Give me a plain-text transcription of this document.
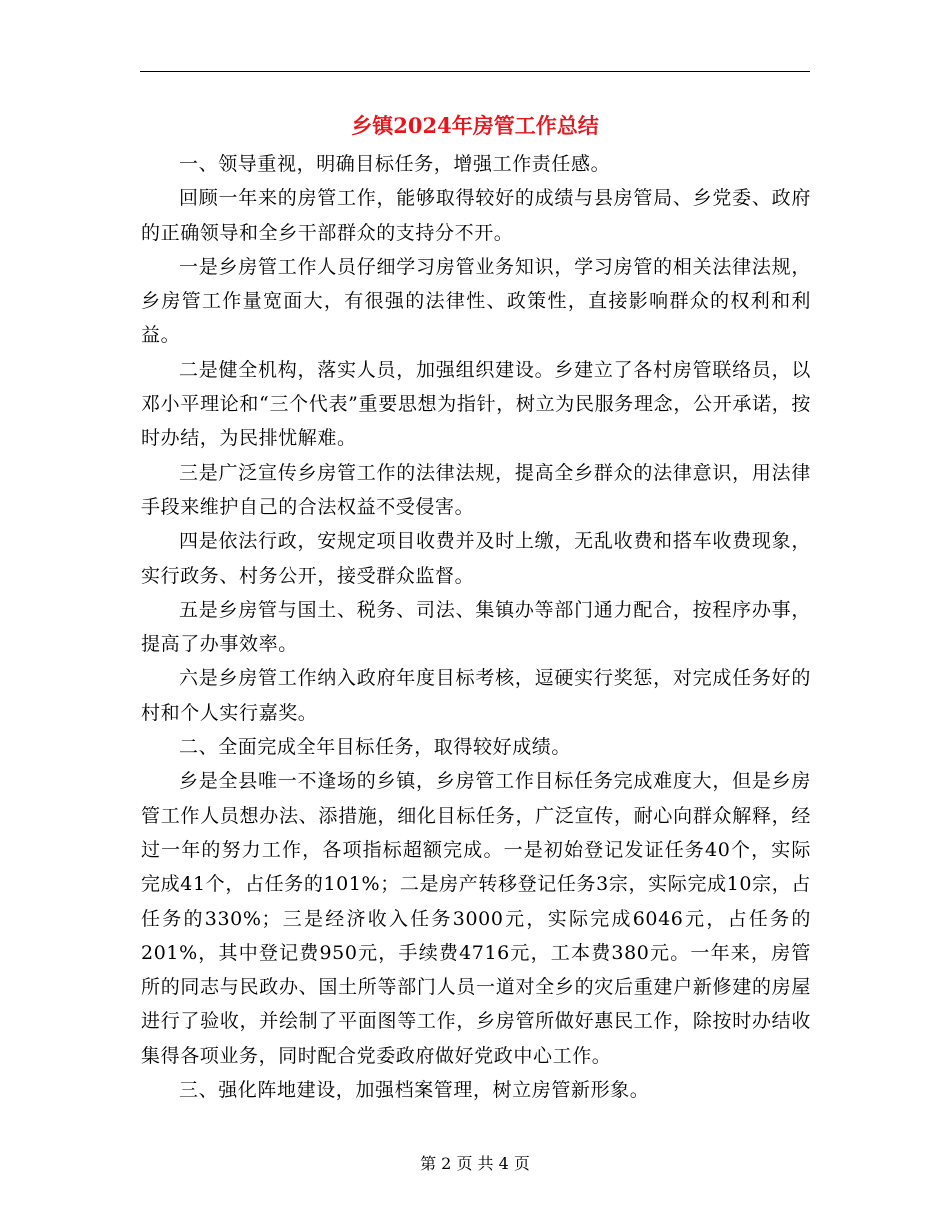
乡镇2024年房管工作总结

一、领导重视，明确目标任务，增强工作责任感。

回顾一年来的房管工作，能够取得较好的成绩与县房管局、乡党委、政府的正确领导和全乡干部群众的支持分不开。

一是乡房管工作人员仔细学习房管业务知识，学习房管的相关法律法规，乡房管工作量宽面大，有很强的法律性、政策性，直接影响群众的权利和利益。

二是健全机构，落实人员，加强组织建设。乡建立了各村房管联络员，以邓小平理论和“三个代表”重要思想为指针，树立为民服务理念，公开承诺，按时办结，为民排忧解难。

三是广泛宣传乡房管工作的法律法规，提高全乡群众的法律意识，用法律手段来维护自己的合法权益不受侵害。

四是依法行政，安规定项目收费并及时上缴，无乱收费和搭车收费现象，实行政务、村务公开，接受群众监督。

五是乡房管与国土、税务、司法、集镇办等部门通力配合，按程序办事，提高了办事效率。

六是乡房管工作纳入政府年度目标考核，逗硬实行奖惩，对完成任务好的村和个人实行嘉奖。

二、全面完成全年目标任务，取得较好成绩。

乡是全县唯一不逢场的乡镇，乡房管工作目标任务完成难度大，但是乡房管工作人员想办法、添措施，细化目标任务，广泛宣传，耐心向群众解释，经过一年的努力工作，各项指标超额完成。一是初始登记发证任务40个，实际完成41个，占任务的101%；二是房产转移登记任务3宗，实际完成10宗，占任务的330%；三是经济收入任务3000元，实际完成6046元，占任务的201%，其中登记费950元，手续费4716元，工本费380元。一年来，房管所的同志与民政办、国土所等部门人员一道对全乡的灾后重建户新修建的房屋进行了验收，并绘制了平面图等工作，乡房管所做好惠民工作，除按时办结收集得各项业务，同时配合党委政府做好党政中心工作。

三、强化阵地建设，加强档案管理，树立房管新形象。

第 2 页 共 4 页
